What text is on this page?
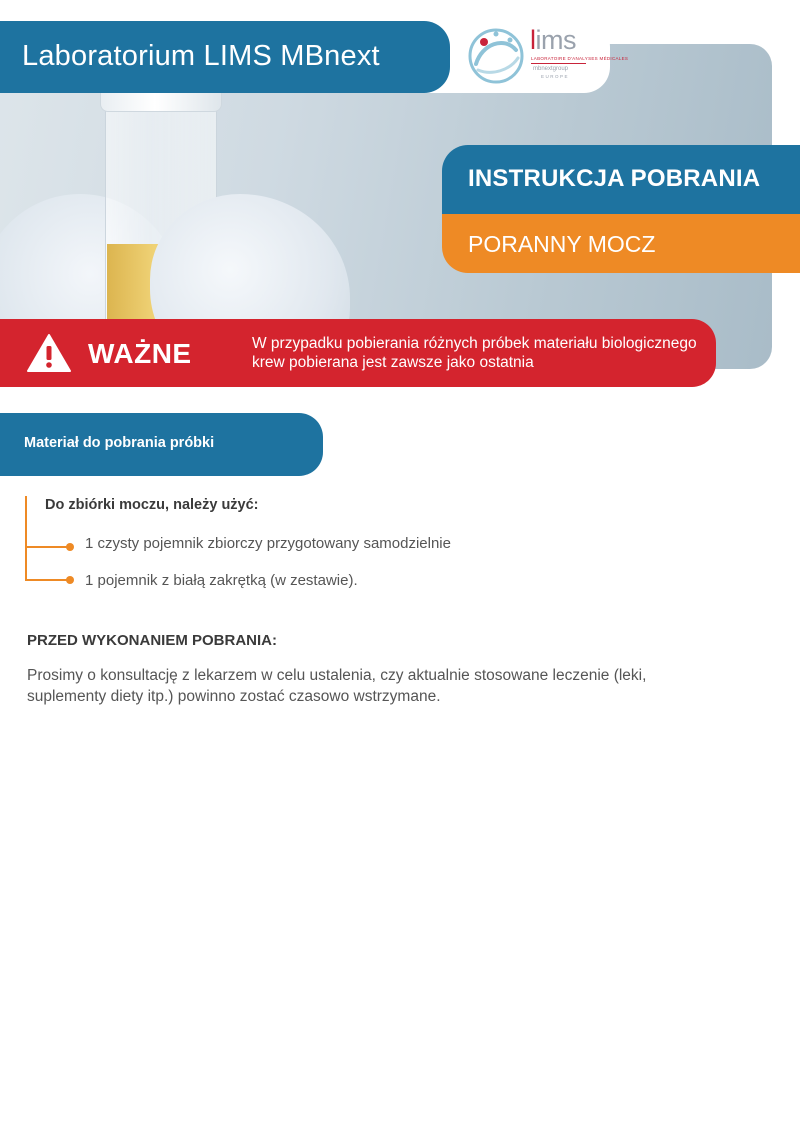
lims
LABORATOIRE D'ANALYSES MÉDICALES
mbnextgroup
EUROPE
Laboratorium LIMS MBnext
PORANNY MOCZ
INSTRUKCJA POBRANIA
WAŻNE	W przypadku pobierania różnych próbek materiału biologicznego krew pobierana jest zawsze jako ostatnia
Materiał do pobrania próbki
Do zbiórki moczu, należy użyć:
1 czysty pojemnik zbiorczy przygotowany samodzielnie
1 pojemnik z białą zakrętką (w zestawie).
PRZED WYKONANIEM POBRANIA:
Prosimy o konsultację z lekarzem w celu ustalenia, czy aktualnie stosowane leczenie (leki, suplementy diety itp.) powinno zostać czasowo wstrzymane.
